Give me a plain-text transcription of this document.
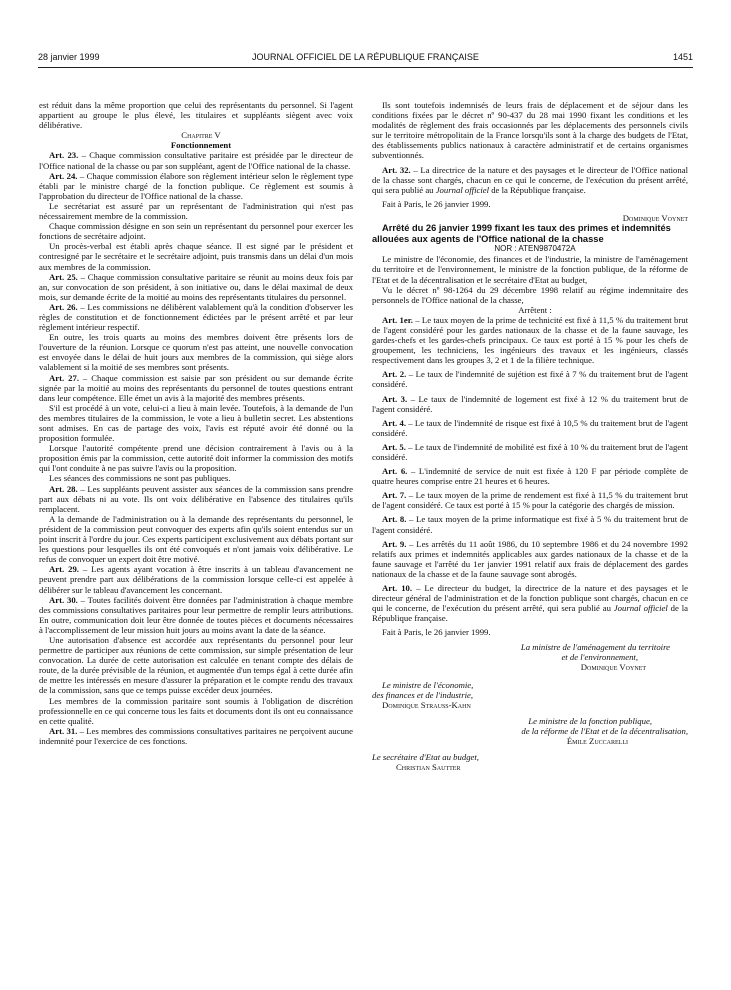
28 janvier 1999	JOURNAL OFFICIEL DE LA RÉPUBLIQUE FRANÇAISE	1451

est réduit dans la même proportion que celui des représentants du personnel. Si l'agent appartient au groupe le plus élevé, les titulaires et suppléants siègent avec voix délibérative.

Chapitre V

Fonctionnement

Art. 23. – Chaque commission consultative paritaire est présidée par le directeur de l'Office national de la chasse ou par son suppléant, agent de l'Office national de la chasse.

Art. 24. – Chaque commission élabore son règlement intérieur selon le règlement type établi par le ministre chargé de la fonction publique. Ce règlement est soumis à l'approbation du directeur de l'Office national de la chasse.

Le secrétariat est assuré par un représentant de l'administration qui n'est pas nécessairement membre de la commission.

Chaque commission désigne en son sein un représentant du personnel pour exercer les fonctions de secrétaire adjoint.

Un procès-verbal est établi après chaque séance. Il est signé par le président et contresigné par le secrétaire et le secrétaire adjoint, puis transmis dans un délai d'un mois aux membres de la commission.

Art. 25. – Chaque commission consultative paritaire se réunit au moins deux fois par an, sur convocation de son président, à son initiative ou, dans le délai maximal de deux mois, sur demande écrite de la moitié au moins des représentants titulaires du personnel.

Art. 26. – Les commissions ne délibèrent valablement qu'à la condition d'observer les règles de constitution et de fonctionnement édictées par le présent arrêté et par leur règlement intérieur respectif.

En outre, les trois quarts au moins des membres doivent être présents lors de l'ouverture de la réunion. Lorsque ce quorum n'est pas atteint, une nouvelle convocation est envoyée dans le délai de huit jours aux membres de la commission, qui siège alors valablement si la moitié de ses membres sont présents.

Art. 27. – Chaque commission est saisie par son président ou sur demande écrite signée par la moitié au moins des représentants du personnel de toutes questions entrant dans leur compétence. Elle émet un avis à la majorité des membres présents.

S'il est procédé à un vote, celui-ci a lieu à main levée. Toutefois, à la demande de l'un des membres titulaires de la commission, le vote a lieu à bulletin secret. Les abstentions sont admises. En cas de partage des voix, l'avis est réputé avoir été donné ou la proposition formulée.

Lorsque l'autorité compétente prend une décision contrairement à l'avis ou à la proposition émis par la commission, cette autorité doit informer la commission des motifs qui l'ont conduite à ne pas suivre l'avis ou la proposition.

Les séances des commissions ne sont pas publiques.

Art. 28. – Les suppléants peuvent assister aux séances de la commission sans prendre part aux débats ni au vote. Ils ont voix délibérative en l'absence des titulaires qu'ils remplacent.

A la demande de l'administration ou à la demande des représentants du personnel, le président de la commission peut convoquer des experts afin qu'ils soient entendus sur un point inscrit à l'ordre du jour. Ces experts participent exclusivement aux débats portant sur les questions pour lesquelles ils ont été convoqués et n'ont jamais voix délibérative. Le refus de convoquer un expert doit être motivé.

Art. 29. – Les agents ayant vocation à être inscrits à un tableau d'avancement ne peuvent prendre part aux délibérations de la commission lorsque celle-ci est appelée à délibérer sur le tableau d'avancement les concernant.

Art. 30. – Toutes facilités doivent être données par l'administration à chaque membre des commissions consultatives paritaires pour leur permettre de remplir leurs attributions. En outre, communication doit leur être donnée de toutes pièces et documents nécessaires à l'accomplissement de leur mission huit jours au moins avant la date de la séance.

Une autorisation d'absence est accordée aux représentants du personnel pour leur permettre de participer aux réunions de cette commission, sur simple présentation de leur convocation. La durée de cette autorisation est calculée en tenant compte des délais de route, de la durée prévisible de la réunion, et augmentée d'un temps égal à cette durée afin de mettre les intéressés en mesure d'assurer la préparation et le compte rendu des travaux de la commission, sans que ce temps puisse excéder deux journées.

Les membres de la commission paritaire sont soumis à l'obligation de discrétion professionnelle en ce qui concerne tous les faits et documents dont ils ont eu connaissance en cette qualité.

Art. 31. – Les membres des commissions consultatives paritaires ne perçoivent aucune indemnité pour l'exercice de ces fonctions.

Ils sont toutefois indemnisés de leurs frais de déplacement et de séjour dans les conditions fixées par le décret nº 90-437 du 28 mai 1990 fixant les conditions et les modalités de règlement des frais occasionnés par les déplacements des personnels civils sur le territoire métropolitain de la France lorsqu'ils sont à la charge des budgets de l'Etat, des établissements publics nationaux à caractère administratif et de certains organismes subventionnés.

Art. 32. – La directrice de la nature et des paysages et le directeur de l'Office national de la chasse sont chargés, chacun en ce qui le concerne, de l'exécution du présent arrêté, qui sera publié au Journal officiel de la République française.

Fait à Paris, le 26 janvier 1999.

Dominique Voynet

Arrêté du 26 janvier 1999 fixant les taux des primes et indemnités allouées aux agents de l'Office national de la chasse

NOR : ATEN9870472A

Le ministre de l'économie, des finances et de l'industrie, la ministre de l'aménagement du territoire et de l'environnement, le ministre de la fonction publique, de la réforme de l'Etat et de la décentralisation et le secrétaire d'Etat au budget,

Vu le décret nº 98-1264 du 29 décembre 1998 relatif au régime indemnitaire des personnels de l'Office national de la chasse,

Arrêtent :

Art. 1er. – Le taux moyen de la prime de technicité est fixé à 11,5 % du traitement brut de l'agent considéré pour les gardes nationaux de la chasse et de la faune sauvage, les gardes-chefs et les gardes-chefs principaux. Ce taux est porté à 15 % pour les chefs de groupement, les techniciens, les ingénieurs des travaux et les ingénieurs, classés respectivement dans les groupes 3, 2 et 1 de la filière technique.

Art. 2. – Le taux de l'indemnité de sujétion est fixé à 7 % du traitement brut de l'agent considéré.

Art. 3. – Le taux de l'indemnité de logement est fixé à 12 % du traitement brut de l'agent considéré.

Art. 4. – Le taux de l'indemnité de risque est fixé à 10,5 % du traitement brut de l'agent considéré.

Art. 5. – Le taux de l'indemnité de mobilité est fixé à 10 % du traitement brut de l'agent considéré.

Art. 6. – L'indemnité de service de nuit est fixée à 120 F par période complète de quatre heures comprise entre 21 heures et 6 heures.

Art. 7. – Le taux moyen de la prime de rendement est fixé à 11,5 % du traitement brut de l'agent considéré. Ce taux est porté à 15 % pour la catégorie des chargés de mission.

Art. 8. – Le taux moyen de la prime informatique est fixé à 5 % du traitement brut de l'agent considéré.

Art. 9. – Les arrêtés du 11 août 1986, du 10 septembre 1986 et du 24 novembre 1992 relatifs aux primes et indemnités applicables aux gardes nationaux de la chasse et de la faune sauvage et l'arrêté du 1er janvier 1991 relatif aux frais de déplacement des gardes nationaux de la chasse et de la faune sauvage sont abrogés.

Art. 10. – Le directeur du budget, la directrice de la nature et des paysages et le directeur général de l'administration et de la fonction publique sont chargés, chacun en ce qui le concerne, de l'exécution du présent arrêté, qui sera publié au Journal officiel de la République française.

Fait à Paris, le 26 janvier 1999.

La ministre de l'aménagement du territoire
et de l'environnement,
Dominique Voynet
Le ministre de l'économie,
des finances et de l'industrie,
Dominique Strauss-Kahn
Le ministre de la fonction publique,
de la réforme de l'Etat et de la décentralisation,
Émile Zuccarelli
Le secrétaire d'Etat au budget,
Christian Sautter
